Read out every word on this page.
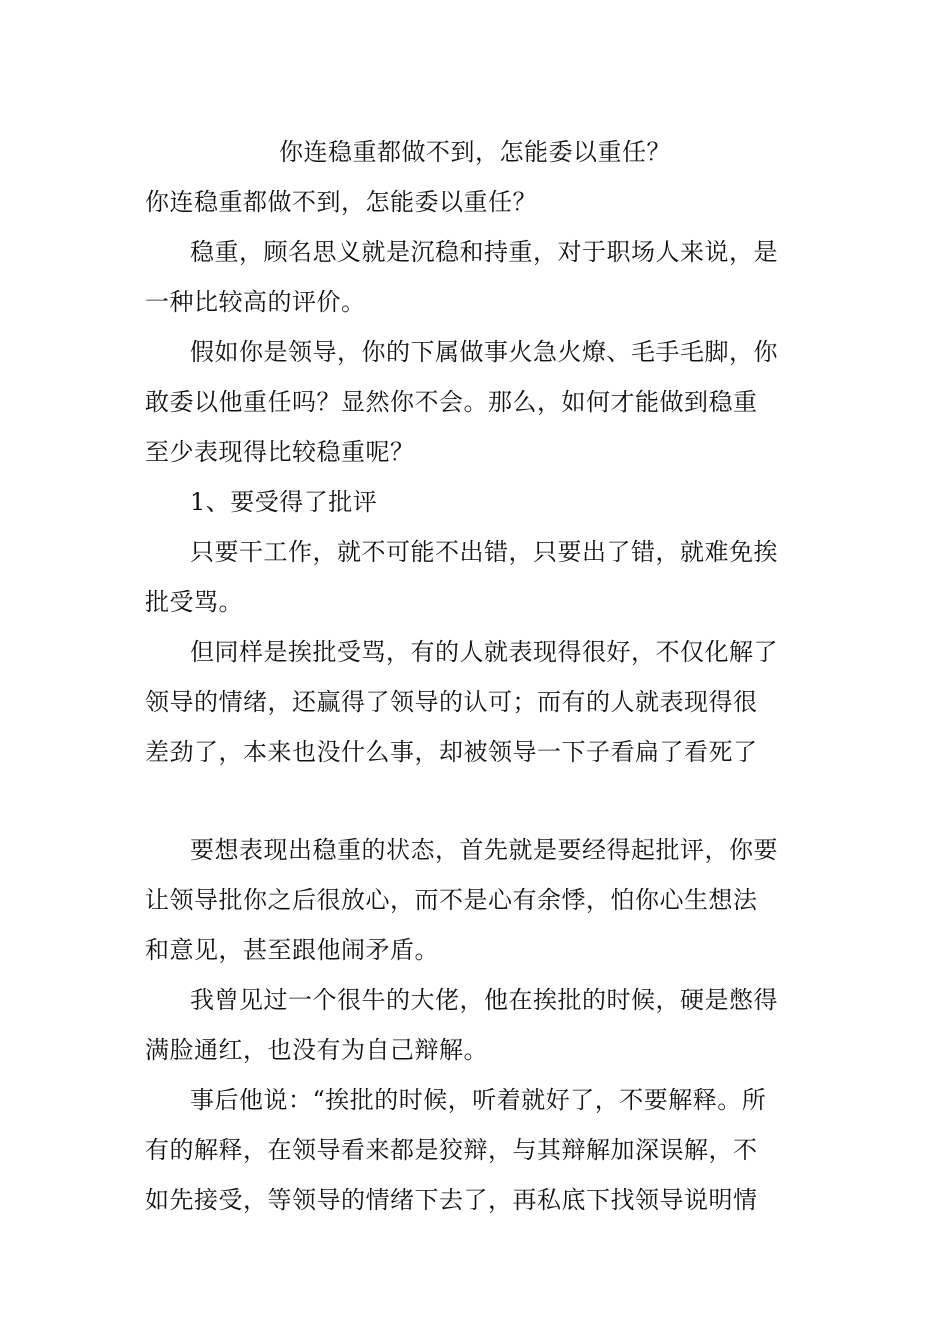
你连稳重都做不到，怎能委以重任？
你连稳重都做不到，怎能委以重任？
稳重，顾名思义就是沉稳和持重，对于职场人来说，是
一种比较高的评价。
假如你是领导，你的下属做事火急火燎、毛手毛脚，你
敢委以他重任吗？显然你不会。那么，如何才能做到稳重
至少表现得比较稳重呢？
1、要受得了批评
只要干工作，就不可能不出错，只要出了错，就难免挨
批受骂。
但同样是挨批受骂，有的人就表现得很好，不仅化解了
领导的情绪，还赢得了领导的认可；而有的人就表现得很
差劲了，本来也没什么事，却被领导一下子看扁了看死了
要想表现出稳重的状态，首先就是要经得起批评，你要
让领导批你之后很放心，而不是心有余悸，怕你心生想法
和意见，甚至跟他闹矛盾。
我曾见过一个很牛的大佬，他在挨批的时候，硬是憋得
满脸通红，也没有为自己辩解。
事后他说：“挨批的时候，听着就好了，不要解释。所
有的解释，在领导看来都是狡辩，与其辩解加深误解，不
如先接受，等领导的情绪下去了，再私底下找领导说明情
